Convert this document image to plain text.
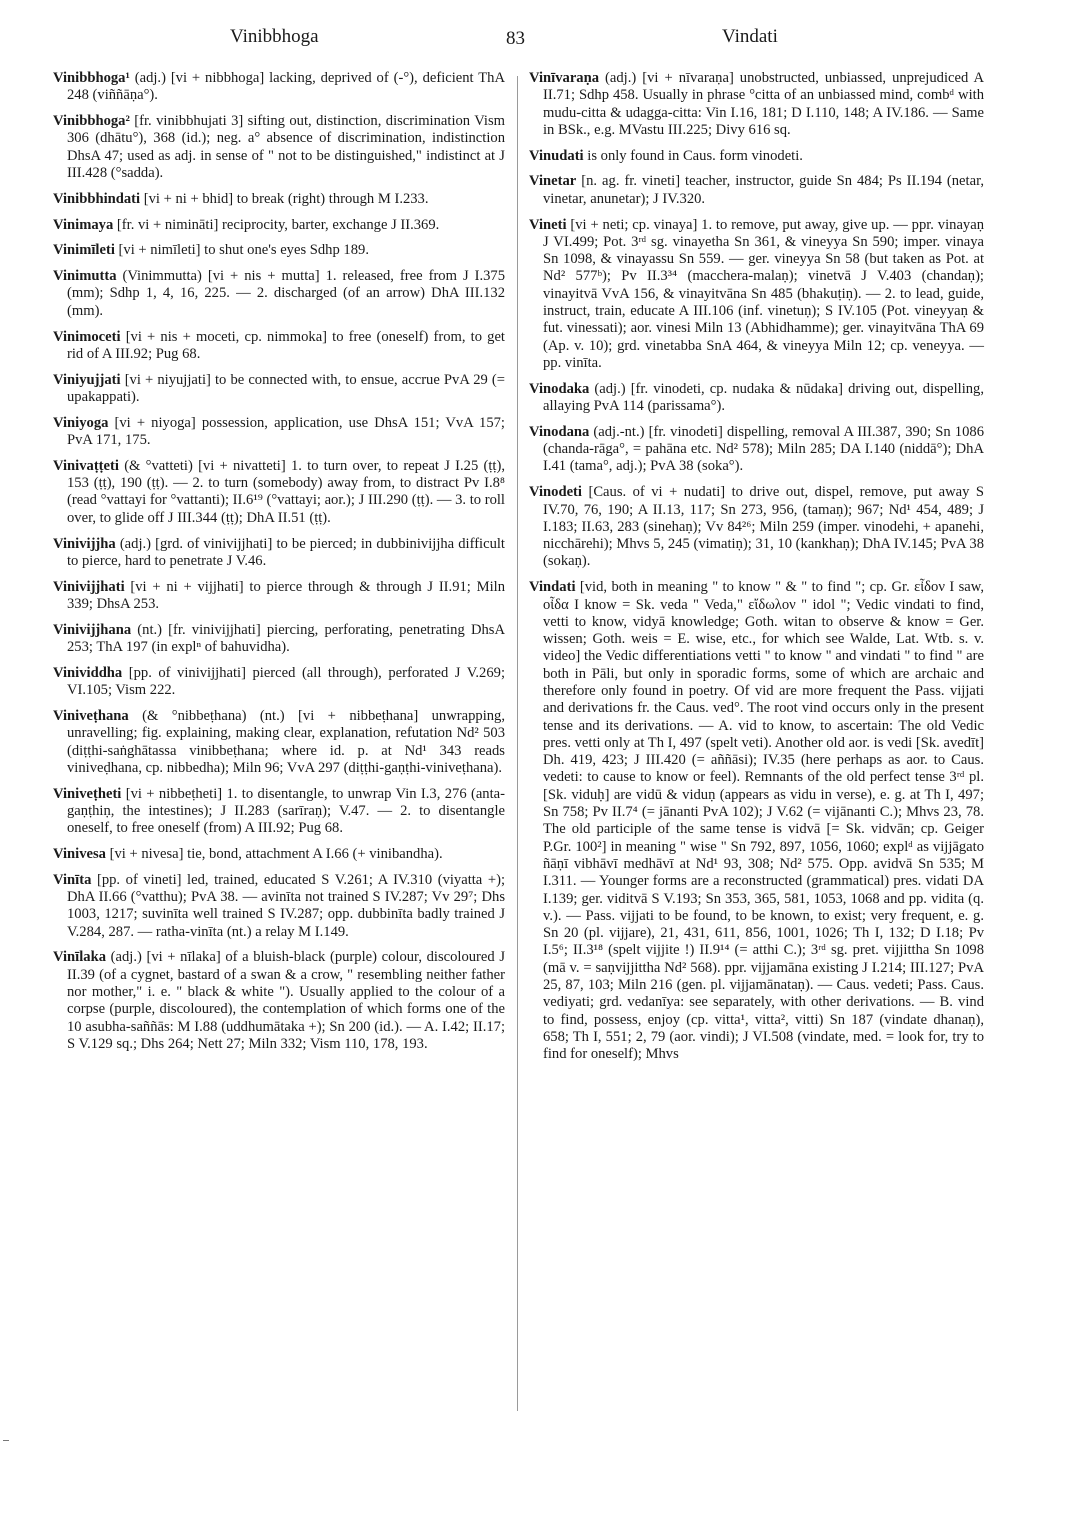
Vinibbhoga	83	Vindati

Vinibbhoga¹ (adj.) [vi + nibbhoga] lacking, deprived of (-°), deficient ThA 248 (viññāṇa°).

Vinibbhoga² [fr. vinibbhujati 3] sifting out, distinction, discrimination Vism 306 (dhātu°), 368 (id.); neg. a° absence of discrimination, indistinction DhsA 47; used as adj. in sense of " not to be distinguished," indistinct at J III.428 (°sadda).

Vinibbhindati [vi + ni + bhid] to break (right) through M I.233.

Vinimaya [fr. vi + nimināti] reciprocity, barter, exchange J II.369.

Vinimīleti [vi + nimīleti] to shut one's eyes Sdhp 189.

Vinimutta (Vinimmutta) [vi + nis + mutta] 1. released, free from J I.375 (mm); Sdhp 1, 4, 16, 225. — 2. discharged (of an arrow) DhA III.132 (mm).

Vinimoceti [vi + nis + moceti, cp. nimmoka] to free (oneself) from, to get rid of A III.92; Pug 68.

Viniyujjati [vi + niyujjati] to be connected with, to ensue, accrue PvA 29 (= upakappati).

Viniyoga [vi + niyoga] possession, application, use DhsA 151; VvA 157; PvA 171, 175.

Vinivaṭṭeti (& °vatteti) [vi + nivatteti] 1. to turn over, to repeat J I.25 (ṭṭ), 153 (ṭṭ), 190 (ṭṭ). — 2. to turn (somebody) away from, to distract Pv I.8⁸ (read °vattayi for °vattanti); II.6¹⁹ (°vattayi; aor.); J III.290 (ṭṭ). — 3. to roll over, to glide off J III.344 (ṭṭ); DhA II.51 (ṭṭ).

Vinivijjha (adj.) [grd. of vinivijjhati] to be pierced; in dubbinivijjha difficult to pierce, hard to penetrate J V.46.

Vinivijjhati [vi + ni + vijjhati] to pierce through & through J II.91; Miln 339; DhsA 253.

Vinivijjhana (nt.) [fr. vinivijjhati] piercing, perforating, penetrating DhsA 253; ThA 197 (in explⁿ of bahuvidha).

Vinividdha [pp. of vinivijjhati] pierced (all through), perforated J V.269; VI.105; Vism 222.

Viniveṭhana (& °nibbeṭhana) (nt.) [vi + nibbeṭhana] unwrapping, unravelling; fig. explaining, making clear, explanation, refutation Nd² 503 (diṭṭhi-saṅghātassa vinibbeṭhana; where id. p. at Nd¹ 343 reads viniveḍhana, cp. nibbedha); Miln 96; VvA 297 (diṭṭhi-gaṇṭhi-viniveṭhana).

Viniveṭheti [vi + nibbeṭheti] 1. to disentangle, to unwrap Vin I.3, 276 (anta-gaṇṭhiṇ, the intestines); J II.283 (sarīraṇ); V.47. — 2. to disentangle oneself, to free oneself (from) A III.92; Pug 68.

Vinivesa [vi + nivesa] tie, bond, attachment A I.66 (+ vinibandha).

Vinīta [pp. of vineti] led, trained, educated S V.261; A IV.310 (viyatta +); DhA II.66 (°vatthu); PvA 38. — avinīta not trained S IV.287; Vv 29⁷; Dhs 1003, 1217; suvinīta well trained S IV.287; opp. dubbinīta badly trained J V.284, 287. — ratha-vinīta (nt.) a relay M I.149.

Vinīlaka (adj.) [vi + nīlaka] of a bluish-black (purple) colour, discoloured J II.39 (of a cygnet, bastard of a swan & a crow, " resembling neither father nor mother," i. e. " black & white "). Usually applied to the colour of a corpse (purple, discoloured), the contemplation of which forms one of the 10 asubha-saññās: M I.88 (uddhumātaka +); Sn 200 (id.). — A. I.42; II.17; S V.129 sq.; Dhs 264; Nett 27; Miln 332; Vism 110, 178, 193.

Vinīvaraṇa (adj.) [vi + nīvaraṇa] unobstructed, unbiassed, unprejudiced A II.71; Sdhp 458. Usually in phrase °citta of an unbiassed mind, combᵈ with mudu-citta & udagga-citta: Vin I.16, 181; D I.110, 148; A IV.186. — Same in BSk., e.g. MVastu III.225; Divy 616 sq.

Vinudati is only found in Caus. form vinodeti.

Vinetar [n. ag. fr. vineti] teacher, instructor, guide Sn 484; Ps II.194 (netar, vinetar, anunetar); J IV.320.

Vineti [vi + neti; cp. vinaya] 1. to remove, put away, give up. — ppr. vinayaṇ J VI.499; Pot. 3ʳᵈ sg. vinayetha Sn 361, & vineyya Sn 590; imper. vinaya Sn 1098, & vinayassu Sn 559. — ger. vineyya Sn 58 (but taken as Pot. at Nd² 577ᵇ); Pv II.3³⁴ (macchera-malaṇ); vinetvā J V.403 (chandaṇ); vinayitvā VvA 156, & vinayitvāna Sn 485 (bhakuṭiṇ). — 2. to lead, guide, instruct, train, educate A III.106 (inf. vinetuṇ); S IV.105 (Pot. vineyyaṇ & fut. vinessati); aor. vinesi Miln 13 (Abhidhamme); ger. vinayitvāna ThA 69 (Ap. v. 10); grd. vinetabba SnA 464, & vineyya Miln 12; cp. veneyya. — pp. vinīta.

Vinodaka (adj.) [fr. vinodeti, cp. nudaka & nūdaka] driving out, dispelling, allaying PvA 114 (parissama°).

Vinodana (adj.-nt.) [fr. vinodeti] dispelling, removal A III.387, 390; Sn 1086 (chanda-rāga°, = pahāna etc. Nd² 578); Miln 285; DA I.140 (niddā°); DhA I.41 (tama°, adj.); PvA 38 (soka°).

Vinodeti [Caus. of vi + nudati] to drive out, dispel, remove, put away S IV.70, 76, 190; A II.13, 117; Sn 273, 956, (tamaṇ); 967; Nd¹ 454, 489; J I.183; II.63, 283 (sinehaṇ); Vv 84²⁶; Miln 259 (imper. vinodehi, + apanehi, nicchārehi); Mhvs 5, 245 (vimatiṇ); 31, 10 (kankhaṇ); DhA IV.145; PvA 38 (sokaṇ).

Vindati [vid, both in meaning " to know " & " to find "; cp. Gr. εἶδον I saw, οἶδα I know = Sk. veda " Veda," εἴδωλον " idol "; Vedic vindati to find, vetti to know, vidyā knowledge; Goth. witan to observe & know = Ger. wissen; Goth. weis = E. wise, etc., for which see Walde, Lat. Wtb. s. v. video] the Vedic differentiations vetti " to know " and vindati " to find " are both in Pāli, but only in sporadic forms, some of which are archaic and therefore only found in poetry. Of vid are more frequent the Pass. vijjati and derivations fr. the Caus. ved°. The root vind occurs only in the present tense and its derivations. — A. vid to know, to ascertain: The old Vedic pres. vetti only at Th I, 497 (spelt veti). Another old aor. is vedi [Sk. avedīt] Dh. 419, 423; J III.420 (= aññāsi); IV.35 (here perhaps as aor. to Caus. vedeti: to cause to know or feel). Remnants of the old perfect tense 3ʳᵈ pl. [Sk. viduḥ] are vidū & viduṇ (appears as vidu in verse), e. g. at Th I, 497; Sn 758; Pv II.7⁴ (= jānanti PvA 102); J V.62 (= vijānanti C.); Mhvs 23, 78. The old participle of the same tense is vidvā [= Sk. vidvān; cp. Geiger P.Gr. 100²] in meaning " wise " Sn 792, 897, 1056, 1060; explᵈ as vijjāgato ñāṇī vibhāvī medhāvī at Nd¹ 93, 308; Nd² 575. Opp. avidvā Sn 535; M I.311. — Younger forms are a reconstructed (grammatical) pres. vidati DA I.139; ger. viditvā S V.193; Sn 353, 365, 581, 1053, 1068 and pp. vidita (q. v.). — Pass. vijjati to be found, to be known, to exist; very frequent, e. g. Sn 20 (pl. vijjare), 21, 431, 611, 856, 1001, 1026; Th I, 132; D I.18; Pv I.5⁶; II.3¹⁸ (spelt vijjite !) II.9¹⁴ (= atthi C.); 3ʳᵈ sg. pret. vijjittha Sn 1098 (mā v. = saṇvijjittha Nd² 568). ppr. vijjamāna existing J I.214; III.127; PvA 25, 87, 103; Miln 216 (gen. pl. vijjamānataṇ). — Caus. vedeti; Pass. Caus. vediyati; grd. vedanīya: see separately, with other derivations. — B. vind to find, possess, enjoy (cp. vitta¹, vitta², vitti) Sn 187 (vindate dhanaṇ), 658; Th I, 551; 2, 79 (aor. vindi); J VI.508 (vindate, med. = look for, try to find for oneself); Mhvs
